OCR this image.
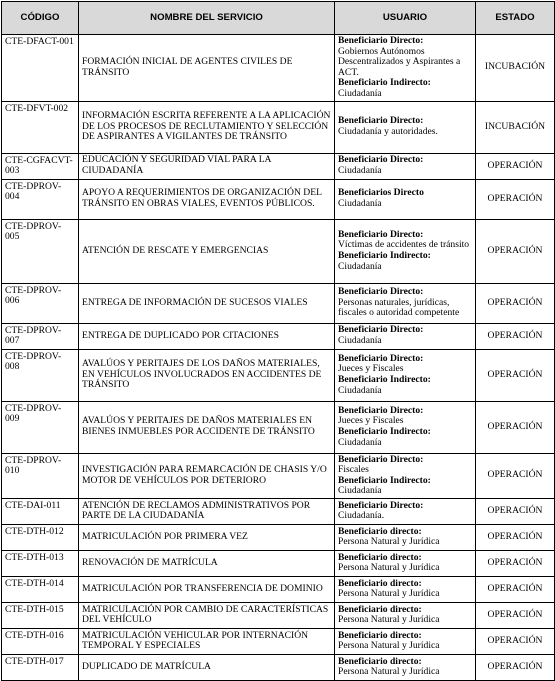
CÓDIGO	NOMBRE DEL SERVICIO	USUARIO	ESTADO
CTE-DFACT-001	FORMACIÓN INICIAL DE AGENTES CIVILES DE TRÁNSITO	Beneficiario Directo:
Gobiernos Autónomos Descentralizados y Aspirantes a ACT.
Beneficiario Indirecto:
Ciudadanía	INCUBACIÓN
CTE-DFVT-002	INFORMACIÓN ESCRITA REFERENTE A LA APLICACIÓN DE LOS PROCESOS DE RECLUTAMIENTO Y SELECCIÓN DE ASPIRANTES A VIGILANTES DE TRÁNSITO	Beneficiario Directo:
Ciudadanía y autoridades.	INCUBACIÓN
CTE-CGFACVT-003	EDUCACIÓN Y SEGURIDAD VIAL PARA LA CIUDADANÍA	Beneficiario Directo:
Ciudadanía	OPERACIÓN
CTE-DPROV-004	APOYO A REQUERIMIENTOS DE ORGANIZACIÓN DEL TRÁNSITO EN OBRAS VIALES, EVENTOS PÚBLICOS.	Beneficiarios Directo
Ciudadanía	OPERACIÓN
CTE-DPROV-005	ATENCIÓN DE RESCATE Y EMERGENCIAS	Beneficiario Directo:
Víctimas de accidentes de tránsito
Beneficiario Indirecto:
Ciudadanía	OPERACIÓN
CTE-DPROV-006	ENTREGA DE INFORMACIÓN DE SUCESOS VIALES	Beneficiario Directo:
Personas naturales, jurídicas, fiscales o autoridad competente	OPERACIÓN
CTE-DPROV-007	ENTREGA DE DUPLICADO POR CITACIONES	Beneficiario Directo:
Ciudadanía	OPERACIÓN
CTE-DPROV-008	AVALÚOS Y PERITAJES DE LOS DAÑOS MATERIALES, EN VEHÍCULOS INVOLUCRADOS EN ACCIDENTES DE TRÁNSITO	Beneficiario Directo:
Jueces y Fiscales
Beneficiario Indirecto:
Ciudadanía	OPERACIÓN
CTE-DPROV-009	AVALÚOS Y PERITAJES DE DAÑOS MATERIALES EN BIENES INMUEBLES POR ACCIDENTE DE TRÁNSITO	Beneficiario Directo:
Jueces y Fiscales
Beneficiario Indirecto:
Ciudadanía	OPERACIÓN
CTE-DPROV-010	INVESTIGACIÓN PARA REMARCACIÓN DE CHASIS Y/O MOTOR DE VEHÍCULOS POR DETERIORO	Beneficiario Directo:
Fiscales
Beneficiario Indirecto:
Ciudadanía	OPERACIÓN
CTE-DAI-011	ATENCIÓN DE RECLAMOS ADMINISTRATIVOS POR PARTE DE LA CIUDADANÍA	Beneficiario Directo:
Ciudadanía.	OPERACIÓN
CTE-DTH-012	MATRICULACIÓN POR PRIMERA VEZ	Beneficiario directo:
Persona Natural y Jurídica	OPERACIÓN
CTE-DTH-013	RENOVACIÓN DE MATRÍCULA	Beneficiario directo:
Persona Natural y Jurídica	OPERACIÓN
CTE-DTH-014	MATRICULACIÓN POR TRANSFERENCIA DE DOMINIO	Beneficiario directo:
Persona Natural y Jurídica	OPERACIÓN
CTE-DTH-015	MATRICULACIÓN POR CAMBIO DE CARACTERÍSTICAS DEL VEHÍCULO	Beneficiario directo:
Persona Natural y Jurídica	OPERACIÓN
CTE-DTH-016	MATRICULACIÓN VEHICULAR POR INTERNACIÓN TEMPORAL Y ESPECIALES	Beneficiario directo:
Persona Natural y Jurídica	OPERACIÓN
CTE-DTH-017	DUPLICADO DE MATRÍCULA	Beneficiario directo:
Persona Natural y Jurídica	OPERACIÓN
